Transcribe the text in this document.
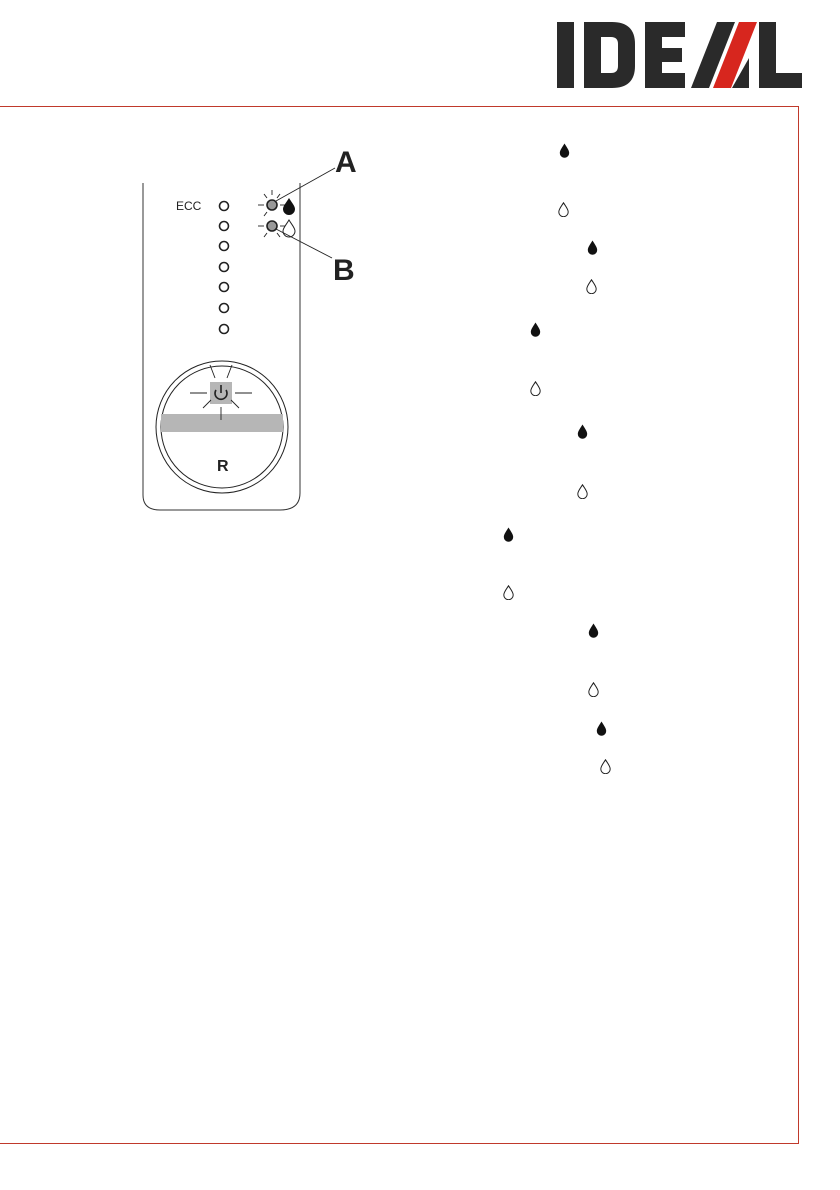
ECC
A
B
R
